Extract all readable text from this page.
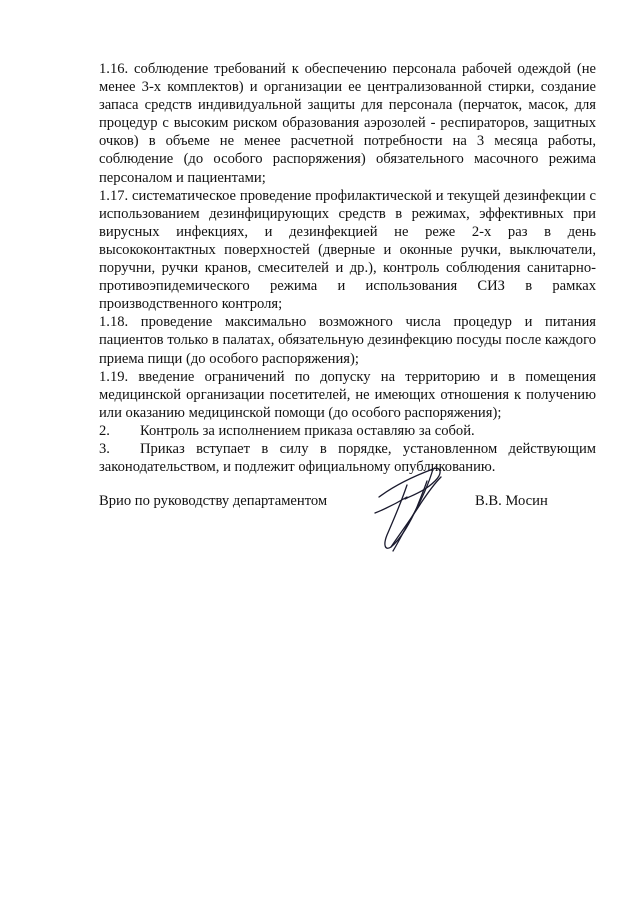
1.16. соблюдение требований к обеспечению персонала рабочей одеждой (не менее 3-х комплектов) и организации ее централизованной стирки, создание запаса средств индивидуальной защиты для персонала (перчаток, масок, для процедур с высоким риском образования аэрозолей - респираторов, защитных очков) в объеме не менее расчетной потребности на 3 месяца работы, соблюдение (до особого распоряжения) обязательного масочного режима персоналом и пациентами;

1.17. систематическое проведение профилактической и текущей дезинфекции с использованием дезинфицирующих средств в режимах, эффективных при вирусных инфекциях, и дезинфекцией не реже 2-х раз в день высококонтактных поверхностей (дверные и оконные ручки, выключатели, поручни, ручки кранов, смесителей и др.), контроль соблюдения санитарно-противоэпидемического режима и использования СИЗ в рамках производственного контроля;

1.18. проведение максимально возможного числа процедур и питания пациентов только в палатах, обязательную дезинфекцию посуды после каждого приема пищи (до особого распоряжения);

1.19. введение ограничений по допуску на территорию и в помещения медицинской организации посетителей, не имеющих отношения к получению или оказанию медицинской помощи (до особого распоряжения);

2. Контроль за исполнением приказа оставляю за собой.

3. Приказ вступает в силу в порядке, установленном действующим законодательством, и подлежит официальному опубликованию.

Врио по руководству департаментом	В.В. Мосин
